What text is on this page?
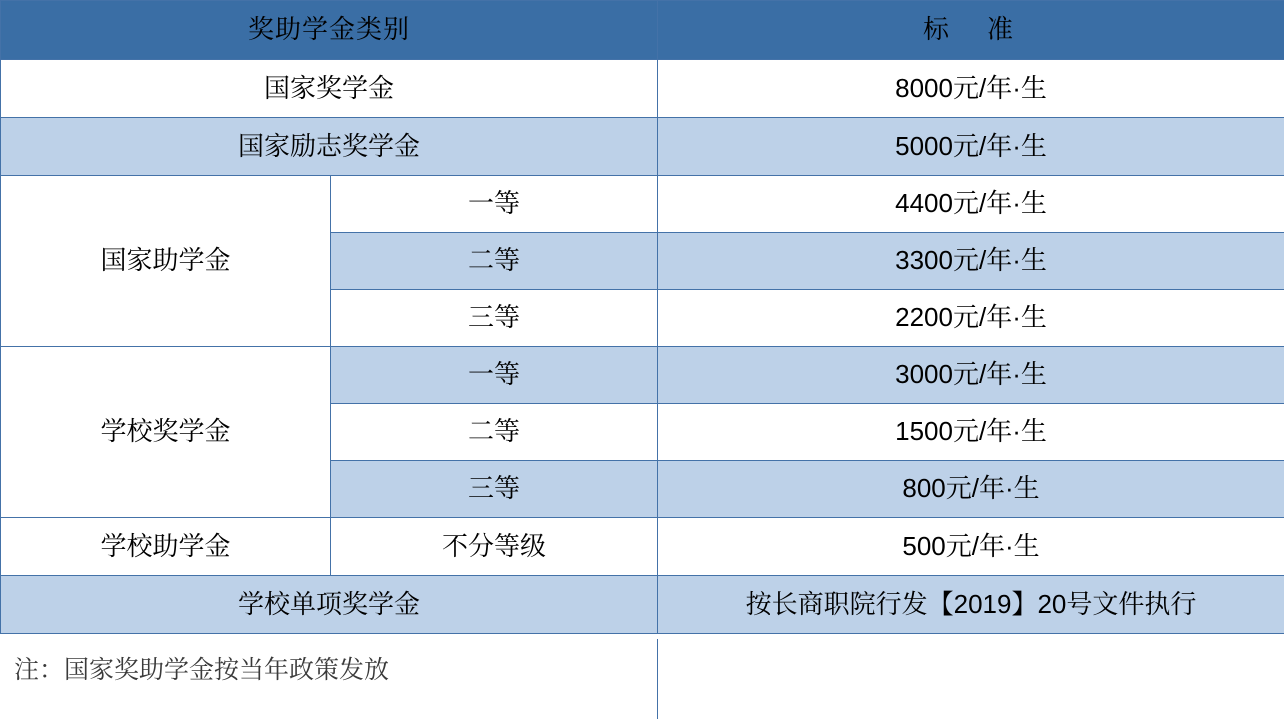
奖助学金类别		标　准
国家奖学金		8000元/年·生
国家励志奖学金		5000元/年·生
国家助学金	一等	4400元/年·生
	二等	3300元/年·生
	三等	2200元/年·生
学校奖学金	一等	3000元/年·生
	二等	1500元/年·生
	三等	800元/年·生
学校助学金	不分等级	500元/年·生
学校单项奖学金		按长商职院行发【2019】20号文件执行
注：国家奖助学金按当年政策发放
